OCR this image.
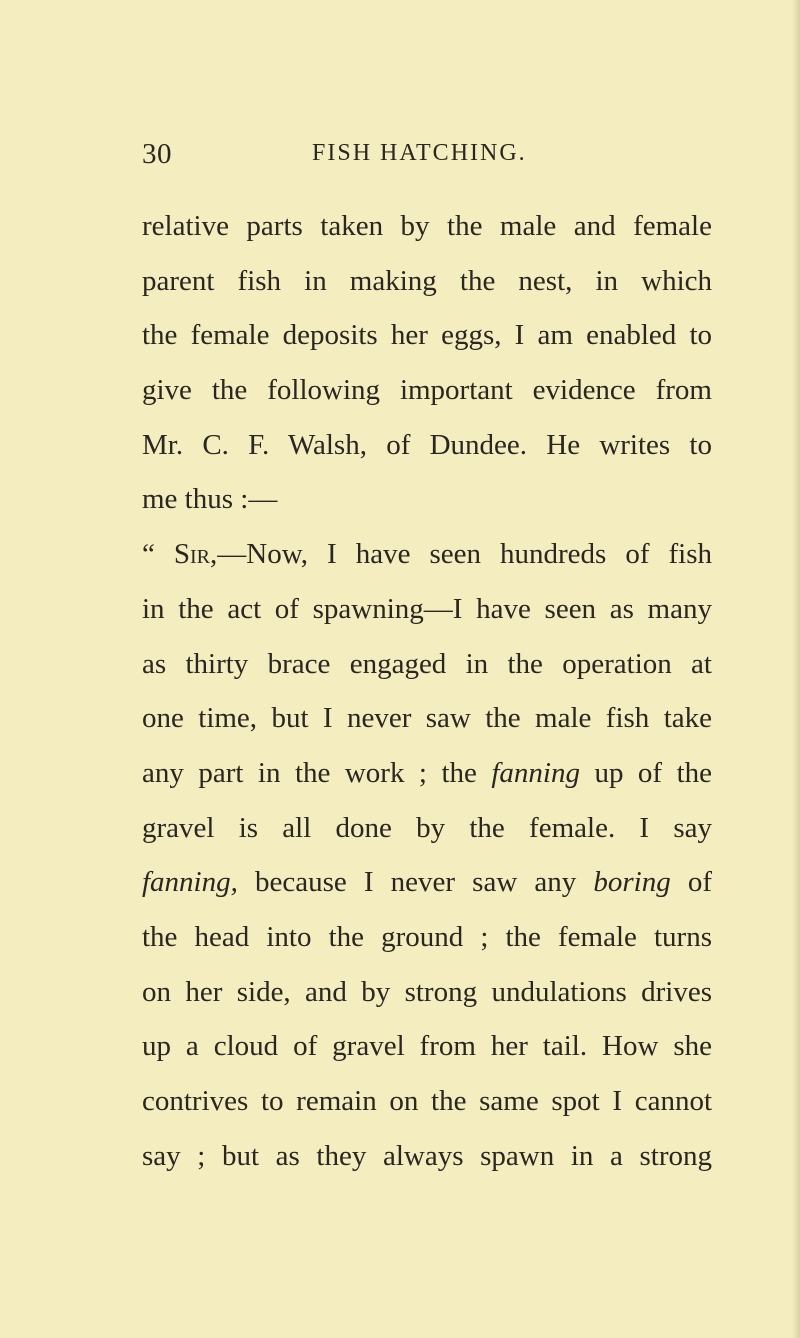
30	FISH HATCHING.
relative parts taken by the male and female
parent fish in making the nest, in which
the female deposits her eggs, I am enabled to
give the following important evidence from
Mr. C. F. Walsh, of Dundee. He writes to
me thus :—
“ Sir,—Now, I have seen hundreds of fish
in the act of spawning—I have seen as many
as thirty brace engaged in the operation at
one time, but I never saw the male fish take
any part in the work ; the fanning up of the
gravel is all done by the female. I say
fanning, because I never saw any boring of
the head into the ground ; the female turns
on her side, and by strong undulations drives
up a cloud of gravel from her tail. How she
contrives to remain on the same spot I cannot
say ; but as they always spawn in a strong
